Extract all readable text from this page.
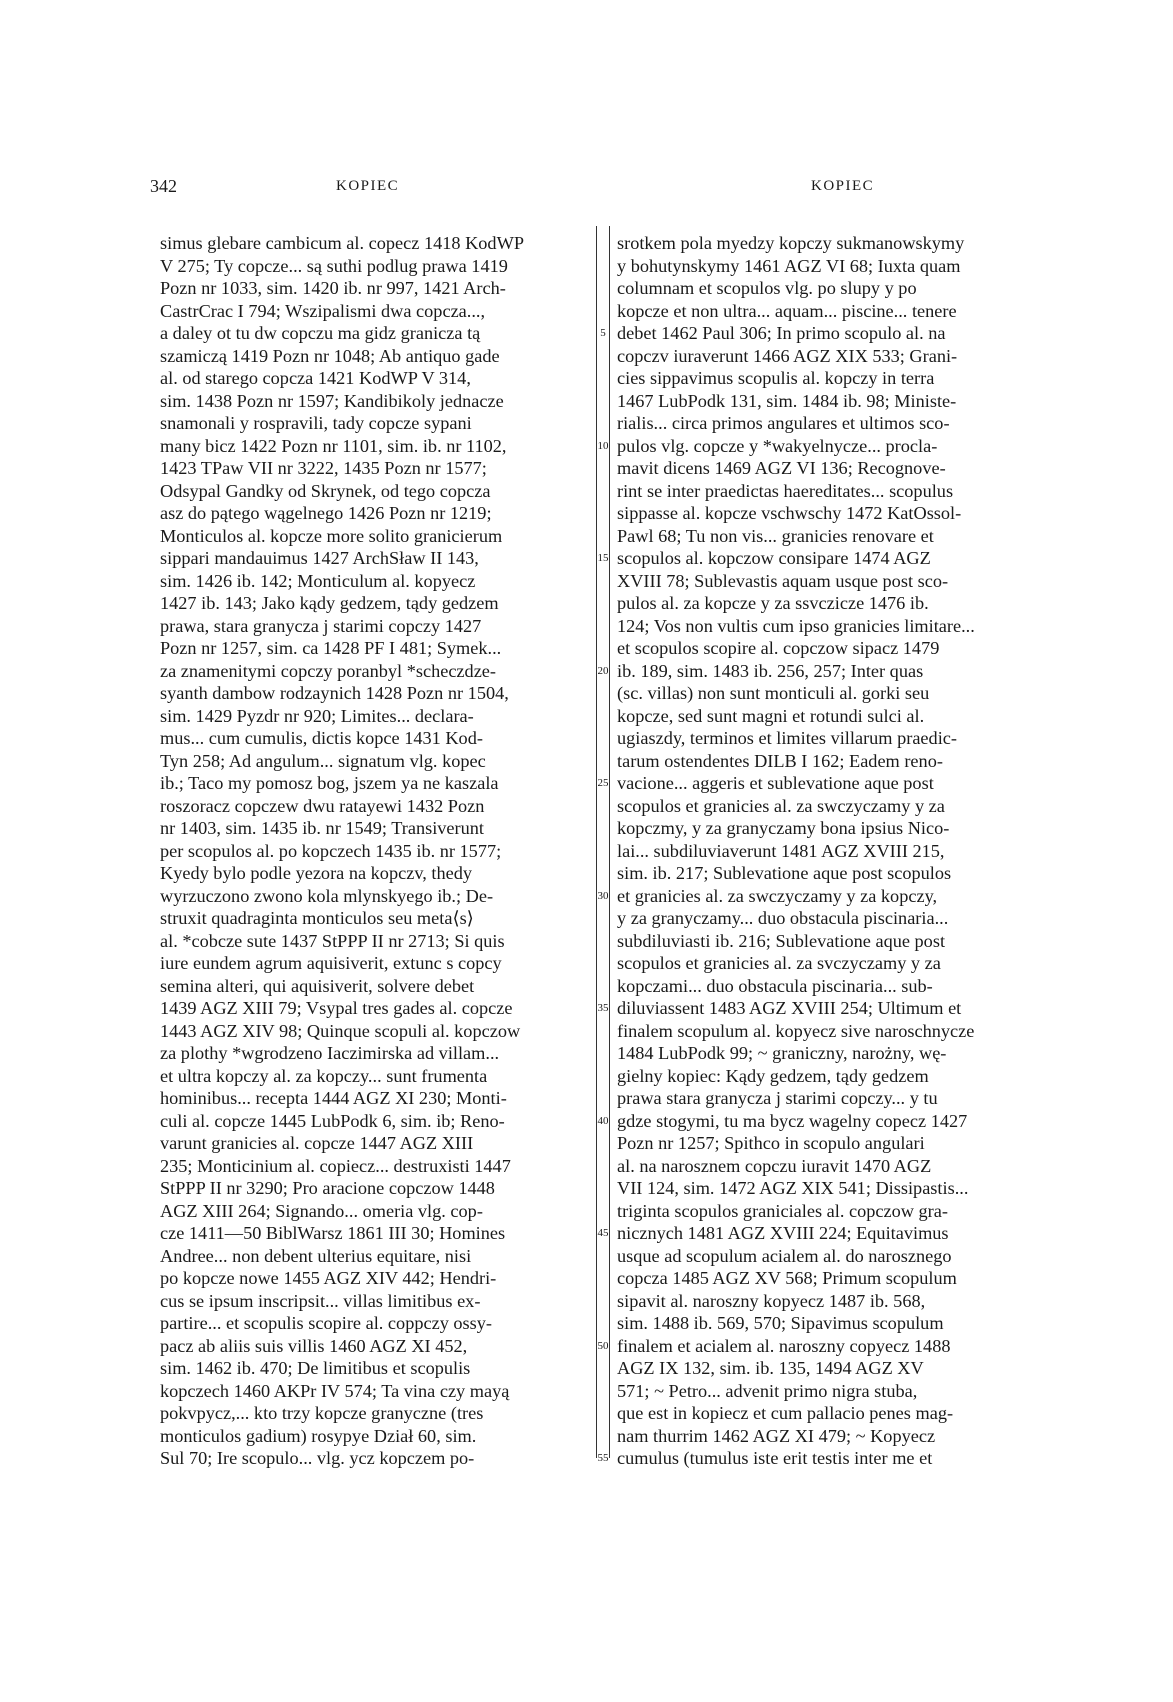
342	KOPIEC	KOPIEC
simus glebare cambicum al. copecz 1418 KodWP
V 275; Ty copcze... są suthi podlug prawa 1419
Pozn nr 1033, sim. 1420 ib. nr 997, 1421 Arch-
CastrCrac I 794; Wszipalismi dwa copcza...,
a daley ot tu dw copczu ma gidz granicza tą
szamiczą 1419 Pozn nr 1048; Ab antiquo gade
al. od starego copcza 1421 KodWP V 314,
sim. 1438 Pozn nr 1597; Kandibikoly jednacze
snamonali y rospravili, tady copcze sypani
many bicz 1422 Pozn nr 1101, sim. ib. nr 1102,
1423 TPaw VII nr 3222, 1435 Pozn nr 1577;
Odsypal Gandky od Skrynek, od tego copcza
asz do pątego wągelnego 1426 Pozn nr 1219;
Monticulos al. kopcze more solito granicierum
sippari mandauimus 1427 ArchSław II 143,
sim. 1426 ib. 142; Monticulum al. kopyecz
1427 ib. 143; Jako kądy gedzem, tądy gedzem
prawa, stara granycza j starimi copczy 1427
Pozn nr 1257, sim. ca 1428 PF I 481; Symek...
za znamenitymi copczy poranbyl *scheczdze-
syanth dambow rodzaynich 1428 Pozn nr 1504,
sim. 1429 Pyzdr nr 920; Limites... declara-
mus... cum cumulis, dictis kopce 1431 Kod-
Tyn 258; Ad angulum... signatum vlg. kopec
ib.; Taco my pomosz bog, jszem ya ne kaszala
roszoracz copczew dwu ratayewi 1432 Pozn
nr 1403, sim. 1435 ib. nr 1549; Transiverunt
per scopulos al. po kopczech 1435 ib. nr 1577;
Kyedy bylo podle yezora na kopczv, thedy
wyrzuczono zwono kola mlynskyego ib.; De-
struxit quadraginta monticulos seu meta⟨s⟩
al. *cobcze sute 1437 StPPP II nr 2713; Si quis
iure eundem agrum aquisiverit, extunc s copcy
semina alteri, qui aquisiverit, solvere debet
1439 AGZ XIII 79; Vsypal tres gades al. copcze
1443 AGZ XIV 98; Quinque scopuli al. kopczow
za plothy *wgrodzeno Iaczimirska ad villam...
et ultra kopczy al. za kopczy... sunt frumenta
hominibus... recepta 1444 AGZ XI 230; Monti-
culi al. copcze 1445 LubPodk 6, sim. ib; Reno-
varunt granicies al. copcze 1447 AGZ XIII
235; Monticinium al. copiecz... destruxisti 1447
StPPP II nr 3290; Pro aracione copczow 1448
AGZ XIII 264; Signando... omeria vlg. cop-
cze 1411—50 BiblWarsz 1861 III 30; Homines
Andree... non debent ulterius equitare, nisi
po kopcze nowe 1455 AGZ XIV 442; Hendri-
cus se ipsum inscripsit... villas limitibus ex-
partire... et scopulis scopire al. coppczy ossy-
pacz ab aliis suis villis 1460 AGZ XI 452,
sim. 1462 ib. 470; De limitibus et scopulis
kopczech 1460 AKPr IV 574; Ta vina czy mayą
pokvpycz,... kto trzy kopcze granyczne (tres
monticulos gadium) rosypye Dział 60, sim.
Sul 70; Ire scopulo... vlg. ycz kopczem po-
5
10
15
20
25
30
35
40
45
50
55
srotkem pola myedzy kopczy sukmanowskymy
y bohutynskymy 1461 AGZ VI 68; Iuxta quam
columnam et scopulos vlg. po slupy y po
kopcze et non ultra... aquam... piscine... tenere
debet 1462 Paul 306; In primo scopulo al. na
copczv iuraverunt 1466 AGZ XIX 533; Grani-
cies sippavimus scopulis al. kopczy in terra
1467 LubPodk 131, sim. 1484 ib. 98; Ministe-
rialis... circa primos angulares et ultimos sco-
pulos vlg. copcze y *wakyelnycze... procla-
mavit dicens 1469 AGZ VI 136; Recognove-
rint se inter praedictas haereditates... scopulus
sippasse al. kopcze vschwschy 1472 KatOssol-
Pawl 68; Tu non vis... granicies renovare et
scopulos al. kopczow consipare 1474 AGZ
XVIII 78; Sublevastis aquam usque post sco-
pulos al. za kopcze y za ssvczicze 1476 ib.
124; Vos non vultis cum ipso granicies limitare...
et scopulos scopire al. copczow sipacz 1479
ib. 189, sim. 1483 ib. 256, 257; Inter quas
(sc. villas) non sunt monticuli al. gorki seu
kopcze, sed sunt magni et rotundi sulci al.
ugiaszdy, terminos et limites villarum praedic-
tarum ostendentes DILB I 162; Eadem reno-
vacione... aggeris et sublevatione aque post
scopulos et granicies al. za swczyczamy y za
kopczmy, y za granyczamy bona ipsius Nico-
lai... subdiluviaverunt 1481 AGZ XVIII 215,
sim. ib. 217; Sublevatione aque post scopulos
et granicies al. za swczyczamy y za kopczy,
y za granyczamy... duo obstacula piscinaria...
subdiluviasti ib. 216; Sublevatione aque post
scopulos et granicies al. za svczyczamy y za
kopczami... duo obstacula piscinaria... sub-
diluviassent 1483 AGZ XVIII 254; Ultimum et
finalem scopulum al. kopyecz sive naroschnycze
1484 LubPodk 99; ~ graniczny, narożny, wę-
gielny kopiec: Kądy gedzem, tądy gedzem
prawa stara granycza j starimi copczy... y tu
gdze stogymi, tu ma bycz wagelny copecz 1427
Pozn nr 1257; Spithco in scopulo angulari
al. na narosznem copczu iuravit 1470 AGZ
VII 124, sim. 1472 AGZ XIX 541; Dissipastis...
triginta scopulos graniciales al. copczow gra-
nicznych 1481 AGZ XVIII 224; Equitavimus
usque ad scopulum acialem al. do narosznego
copcza 1485 AGZ XV 568; Primum scopulum
sipavit al. naroszny kopyecz 1487 ib. 568,
sim. 1488 ib. 569, 570; Sipavimus scopulum
finalem et acialem al. naroszny copyecz 1488
AGZ IX 132, sim. ib. 135, 1494 AGZ XV
571; ~ Petro... advenit primo nigra stuba,
que est in kopiecz et cum pallacio penes mag-
nam thurrim 1462 AGZ XI 479; ~ Kopyecz
cumulus (tumulus iste erit testis inter me et
